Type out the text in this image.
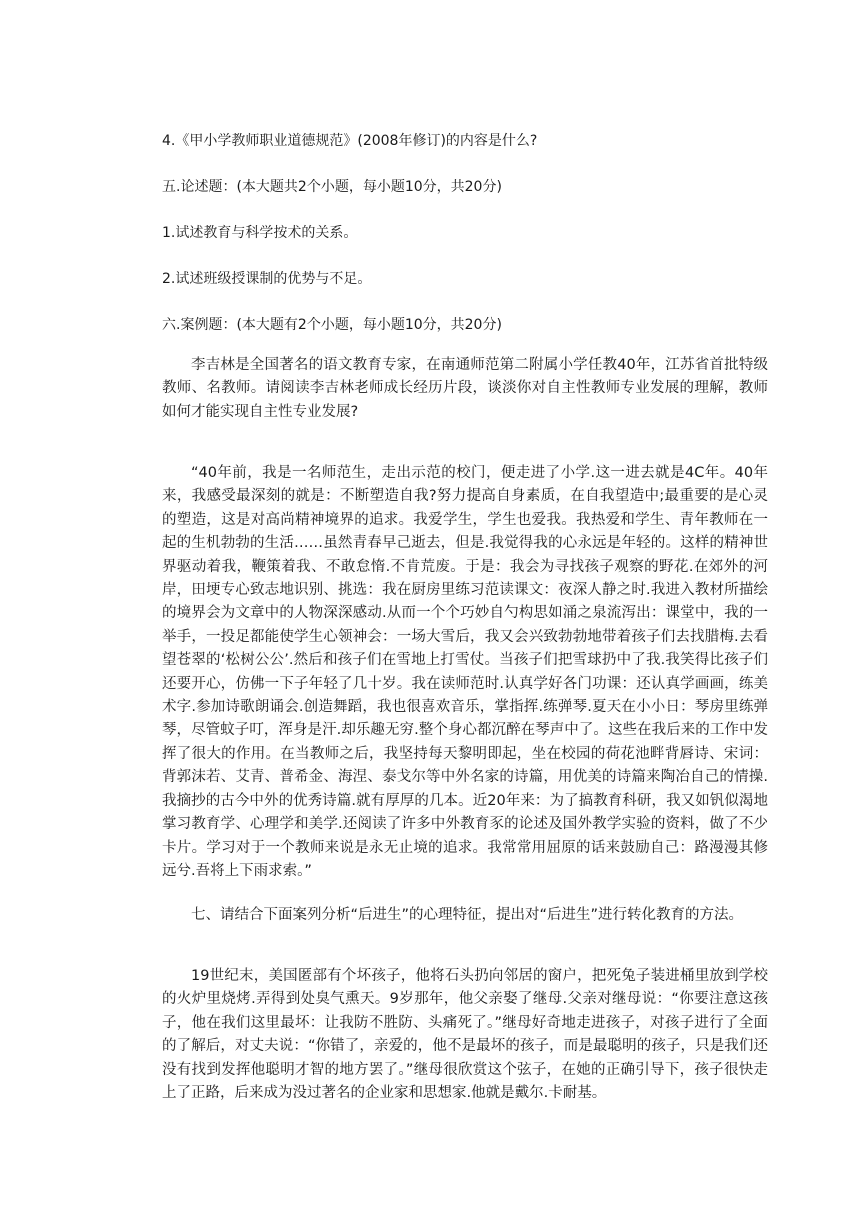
4.《甲小学教师职业道德规范》(2008年修订)的内容是什么?
五.论述题：(本大题共2个小题，每小题10分，共20分)
1.试述教育与科学按术的关系。
2.试述班级授课制的优势与不足。
六.案例题：(本大题有2个小题，每小题10分，共20分)

李吉林是全国著名的语文教育专家，在南通师范第二附属小学任教40年，江苏省首批特级教师、名教师。请阅读李吉林老师成长经历片段，谈淡你对自主性教师专业发展的理解，教师如何才能实现自主性专业发展?

“40年前，我是一名师范生，走出示范的校门，便走进了小学.这一进去就是4C年。40年来，我感受最深刻的就是：不断塑造自我?努力提高自身素质，在自我望造中;最重要的是心灵的塑造，这是对高尚精神境界的追求。我爱学生，学生也爱我。我热爱和学生、青年教师在一起的生机勃勃的生活……虽然青春早己逝去，但是.我觉得我的心永远是年轻的。这样的精神世界驱动着我，鞭策着我、不敢怠惰.不肯荒废。于是：我会为寻找孩子观察的野花.在郊外的河岸，田埂专心致志地识别、挑选：我在厨房里练习范读课文：夜深人静之时.我进入教材所描绘的境界会为文章中的人物深深感动.从而一个个巧妙自勺构思如涌之泉流泻出：课堂中，我的一举手，一投足都能使学生心领神会：一场大雪后，我又会兴致勃勃地带着孩子们去找腊梅.去看望苍翠的‘松树公公’.然后和孩子们在雪地上打雪仗。当孩子们把雪球扔中了我.我笑得比孩子们还要开心，仿佛一下子年轻了几十岁。我在读师范时.认真学好各门功课：还认真学画画，练美术字.参加诗歌朗诵会.创造舞蹈，我也很喜欢音乐，掌指挥.练弹琴.夏天在小小日：琴房里练弹琴，尽管蚊子叮，浑身是汗.却乐趣无穷.整个身心都沉醉在琴声中了。这些在我后来的工作中发挥了很大的作用。在当教师之后，我坚持每天黎明即起，坐在校园的荷花池畔背唇诗、宋词：背郭沫若、艾青、普希金、海涅、泰戈尔等中外名家的诗篇，用优美的诗篇来陶冶自己的情操.我摘抄的古今中外的优秀诗篇.就有厚厚的几本。近20年来：为了搞教育科研，我又如钒似渴地掌习教育学、心理学和美学.还阅读了许多中外教育豕的论述及国外教学实验的资料，做了不少卡片。学习对于一个教师来说是永无止境的追求。我常常用屈原的话来鼓励自己：路漫漫其修远兮.吾将上下雨求索。”

七、请结合下面案列分析“后进生”的心理特征，提出对“后进生”进行转化教育的方法。

19世纪末，美国匿部有个坏孩子，他将石头扔向邻居的窗户，把死兔子装进桶里放到学校的火炉里烧烤.弄得到处臭气熏天。9岁那年，他父亲娶了继母.父亲对继母说：“你要注意这孩子，他在我们这里最坏：让我防不胜防、头痛死了。”继母好奇地走进孩子，对孩子进行了全面的了解后，对丈夫说：“你错了，亲爱的，他不是最坏的孩子，而是最聪明的孩子，只是我们还没有找到发挥他聪明才智的地方罢了。”继母很欣赏这个弦子，在她的正确引导下，孩子很快走上了正路，后来成为没过著名的企业家和思想家.他就是戴尔.卡耐基。
